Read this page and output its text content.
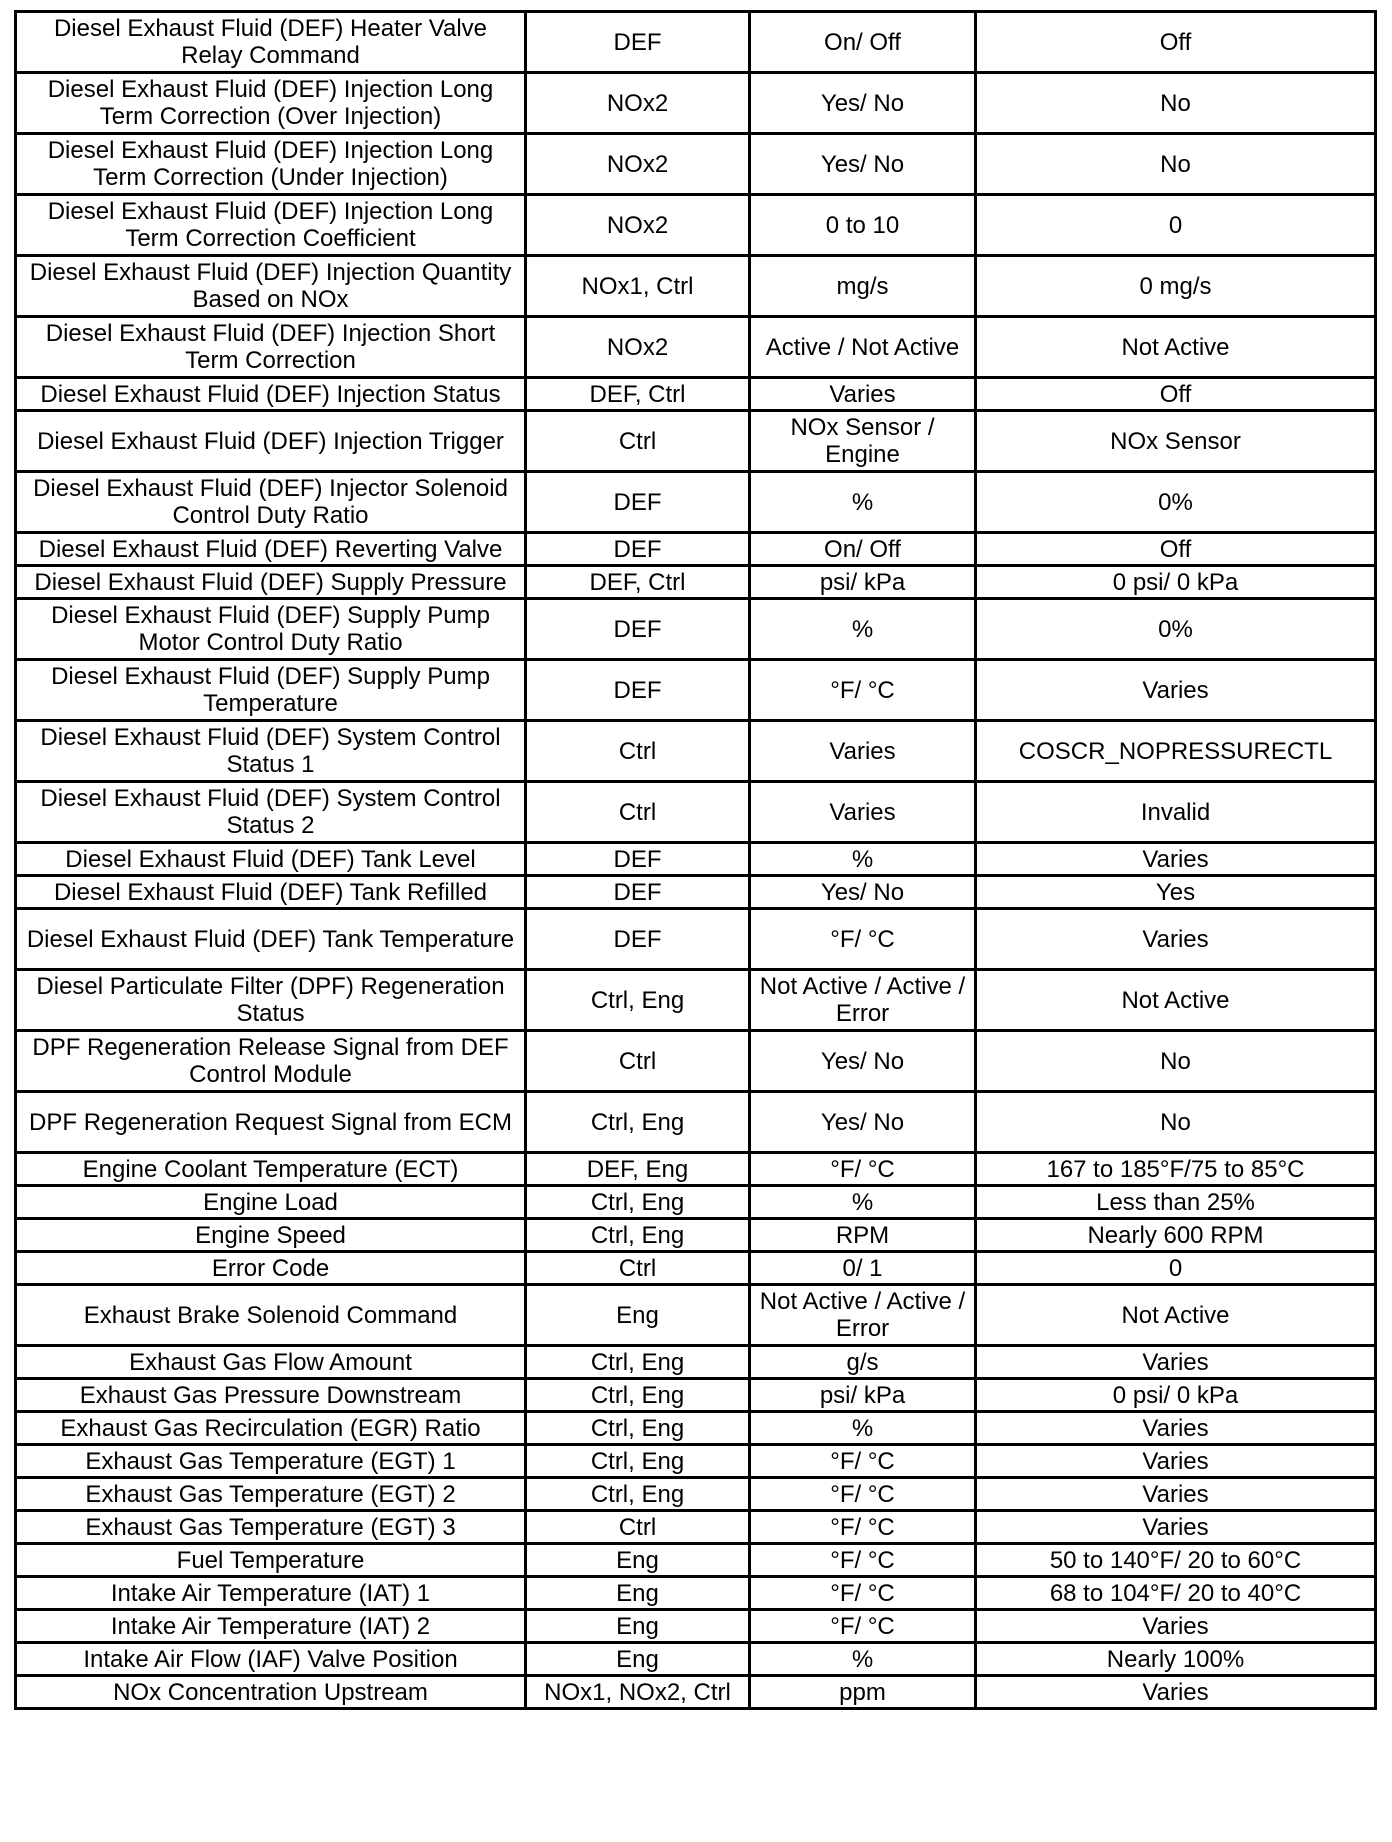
Diesel Exhaust Fluid (DEF) Heater Valve Relay Command	DEF	On/ Off	Off
Diesel Exhaust Fluid (DEF) Injection Long Term Correction (Over Injection)	NOx2	Yes/ No	No
Diesel Exhaust Fluid (DEF) Injection Long Term Correction (Under Injection)	NOx2	Yes/ No	No
Diesel Exhaust Fluid (DEF) Injection Long Term Correction Coefficient	NOx2	0 to 10	0
Diesel Exhaust Fluid (DEF) Injection Quantity Based on NOx	NOx1, Ctrl	mg/s	0 mg/s
Diesel Exhaust Fluid (DEF) Injection Short Term Correction	NOx2	Active / Not Active	Not Active
Diesel Exhaust Fluid (DEF) Injection Status	DEF, Ctrl	Varies	Off
Diesel Exhaust Fluid (DEF) Injection Trigger	Ctrl	NOx Sensor / Engine	NOx Sensor
Diesel Exhaust Fluid (DEF) Injector Solenoid Control Duty Ratio	DEF	%	0%
Diesel Exhaust Fluid (DEF) Reverting Valve	DEF	On/ Off	Off
Diesel Exhaust Fluid (DEF) Supply Pressure	DEF, Ctrl	psi/ kPa	0 psi/ 0 kPa
Diesel Exhaust Fluid (DEF) Supply Pump Motor Control Duty Ratio	DEF	%	0%
Diesel Exhaust Fluid (DEF) Supply Pump Temperature	DEF	°F/ °C	Varies
Diesel Exhaust Fluid (DEF) System Control Status 1	Ctrl	Varies	COSCR_NOPRESSURECTL
Diesel Exhaust Fluid (DEF) System Control Status 2	Ctrl	Varies	Invalid
Diesel Exhaust Fluid (DEF) Tank Level	DEF	%	Varies
Diesel Exhaust Fluid (DEF) Tank Refilled	DEF	Yes/ No	Yes
Diesel Exhaust Fluid (DEF) Tank Temperature	DEF	°F/ °C	Varies
Diesel Particulate Filter (DPF) Regeneration Status	Ctrl, Eng	Not Active / Active / Error	Not Active
DPF Regeneration Release Signal from DEF Control Module	Ctrl	Yes/ No	No
DPF Regeneration Request Signal from ECM	Ctrl, Eng	Yes/ No	No
Engine Coolant Temperature (ECT)	DEF, Eng	°F/ °C	167 to 185°F/75 to 85°C
Engine Load	Ctrl, Eng	%	Less than 25%
Engine Speed	Ctrl, Eng	RPM	Nearly 600 RPM
Error Code	Ctrl	0/ 1	0
Exhaust Brake Solenoid Command	Eng	Not Active / Active / Error	Not Active
Exhaust Gas Flow Amount	Ctrl, Eng	g/s	Varies
Exhaust Gas Pressure Downstream	Ctrl, Eng	psi/ kPa	0 psi/ 0 kPa
Exhaust Gas Recirculation (EGR) Ratio	Ctrl, Eng	%	Varies
Exhaust Gas Temperature (EGT) 1	Ctrl, Eng	°F/ °C	Varies
Exhaust Gas Temperature (EGT) 2	Ctrl, Eng	°F/ °C	Varies
Exhaust Gas Temperature (EGT) 3	Ctrl	°F/ °C	Varies
Fuel Temperature	Eng	°F/ °C	50 to 140°F/ 20 to 60°C
Intake Air Temperature (IAT) 1	Eng	°F/ °C	68 to 104°F/ 20 to 40°C
Intake Air Temperature (IAT) 2	Eng	°F/ °C	Varies
Intake Air Flow (IAF) Valve Position	Eng	%	Nearly 100%
NOx Concentration Upstream	NOx1, NOx2, Ctrl	ppm	Varies
